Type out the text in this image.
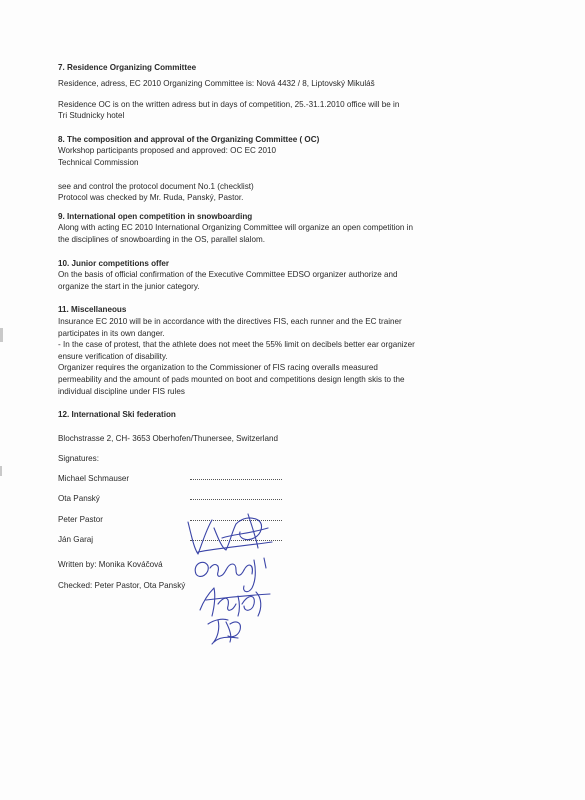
7. Residence Organizing Committee
Residence, adress, EC 2010 Organizing Committee is: Nová 4432 / 8, Liptovský Mikuláš
Residence OC is on the written adress but in days of competition, 25.-31.1.2010 office will be in
Tri Studnicky hotel
8. The composition and approval of the Organizing Committee ( OC)
Workshop participants proposed and approved: OC EC 2010
Technical Commission
see and control the protocol document No.1 (checklist)
Protocol was checked by Mr. Ruda, Panský, Pastor.
9. International open competition in snowboarding
Along with acting EC 2010 International Organizing Committee will organize an open competition in
the disciplines of snowboarding in the OS, parallel slalom.
10. Junior competitions offer
On the basis of official confirmation of the Executive Committee EDSO organizer authorize and
organize the start in the junior category.
11. Miscellaneous
Insurance EC 2010 will be in accordance with the directives FIS, each runner and the EC trainer
participates in its own danger.
- In the case of protest, that the athlete does not meet the 55% limit on decibels better ear organizer
ensure verification of disability.
Organizer requires the organization to the Commissioner of FIS racing overalls measured
permeability and the amount of pads mounted on boot and competitions design length skis to the
individual discipline under FIS rules
12. International Ski federation
Blochstrasse 2, CH- 3653 Oberhofen/Thunersee, Switzerland
Signatures:
Michael Schmauser
Ota Panský
Peter Pastor
Ján Garaj
Written by: Monika Kováčová
Checked: Peter Pastor, Ota Panský
